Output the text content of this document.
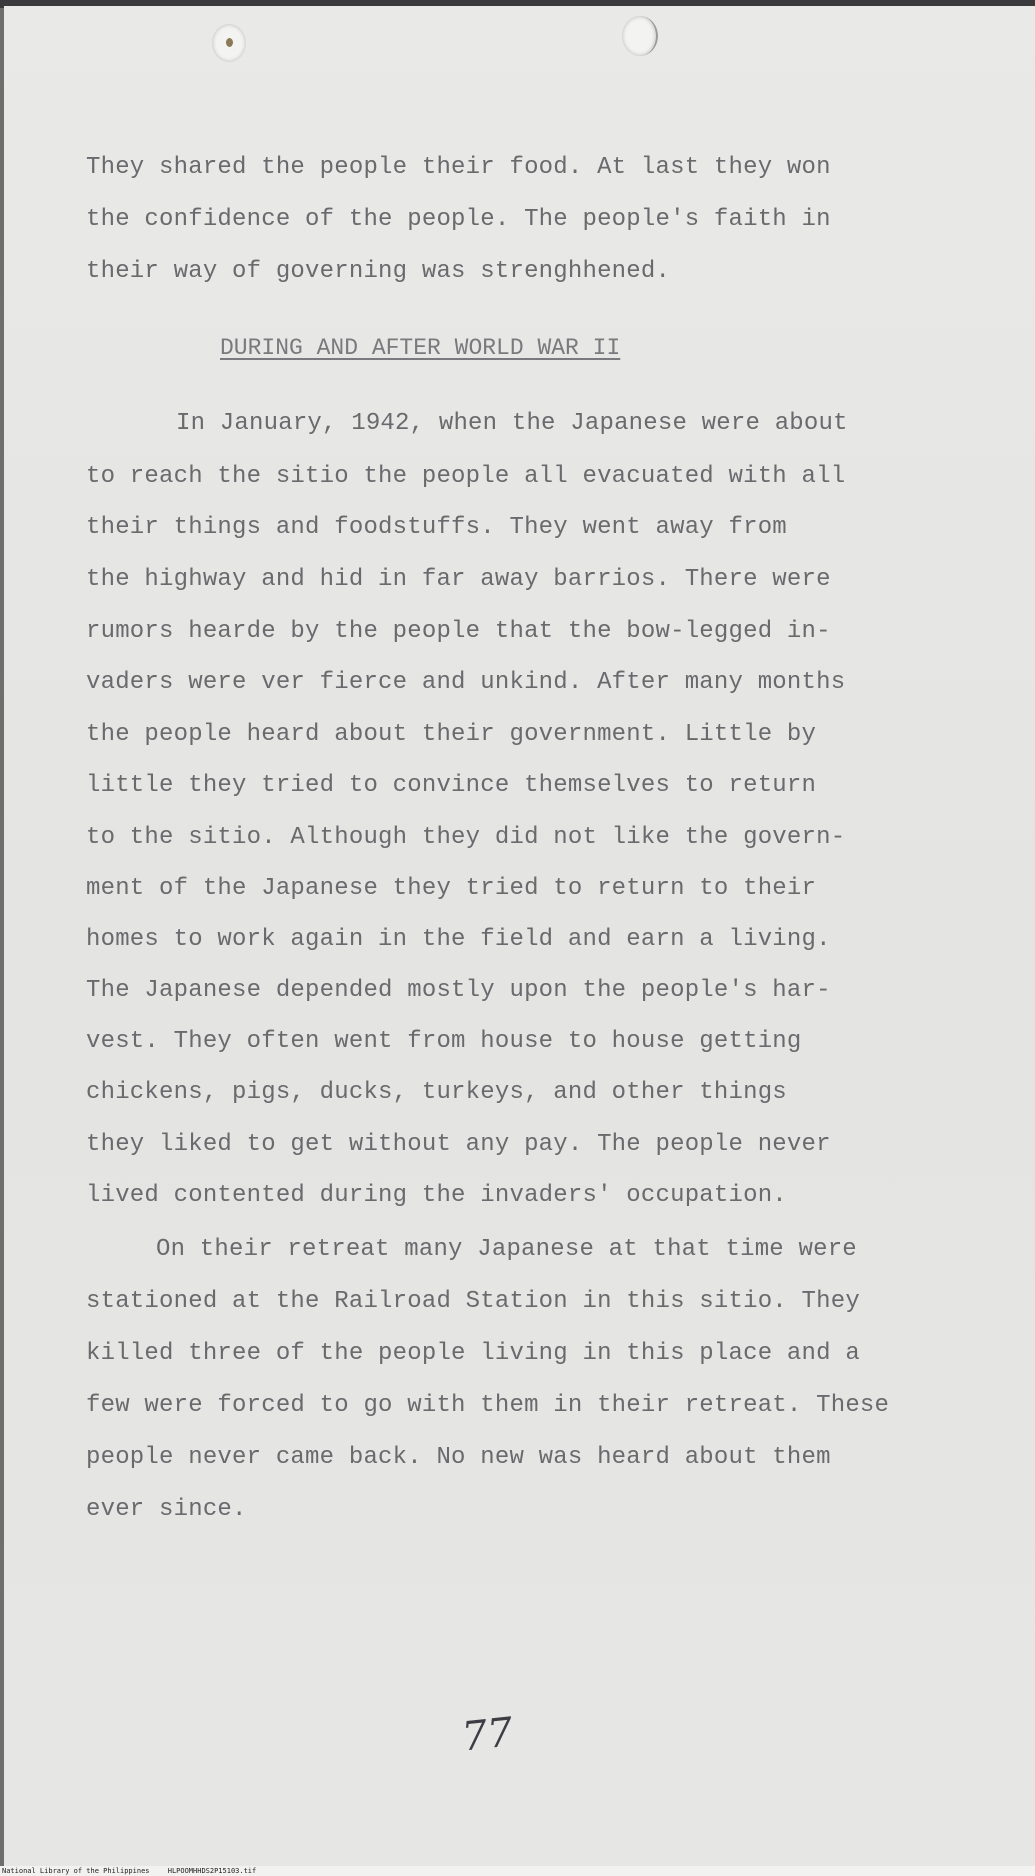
They shared the people their food. At last they won
the confidence of the people. The people's faith in
their way of governing was strenghhened.
DURING AND AFTER WORLD WAR II
In January, 1942, when the Japanese were about
to reach the sitio the people all evacuated with all
their things and foodstuffs. They went away from
the highway and hid in far away barrios. There were
rumors hearde by the people that the bow-legged in-
vaders were ver fierce and unkind. After many months
the people heard about their government. Little by
little they tried to convince themselves to return
to the sitio. Although they did not like the govern-
ment of the Japanese they tried to return to their
homes to work again in the field and earn a living.
The Japanese depended mostly upon the people's har-
vest. They often went from house to house getting
chickens, pigs, ducks, turkeys, and other things
they liked to get without any pay. The people never
lived contented during the invaders' occupation.
On their retreat many Japanese at that time were
stationed at the Railroad Station in this sitio. They
killed three of the people living in this place and a
few were forced to go with them in their retreat. These
people never came back. No new was heard about them
ever since.
77
National Library of the Philippines	HLPOOMHHDS2P15103.tif
